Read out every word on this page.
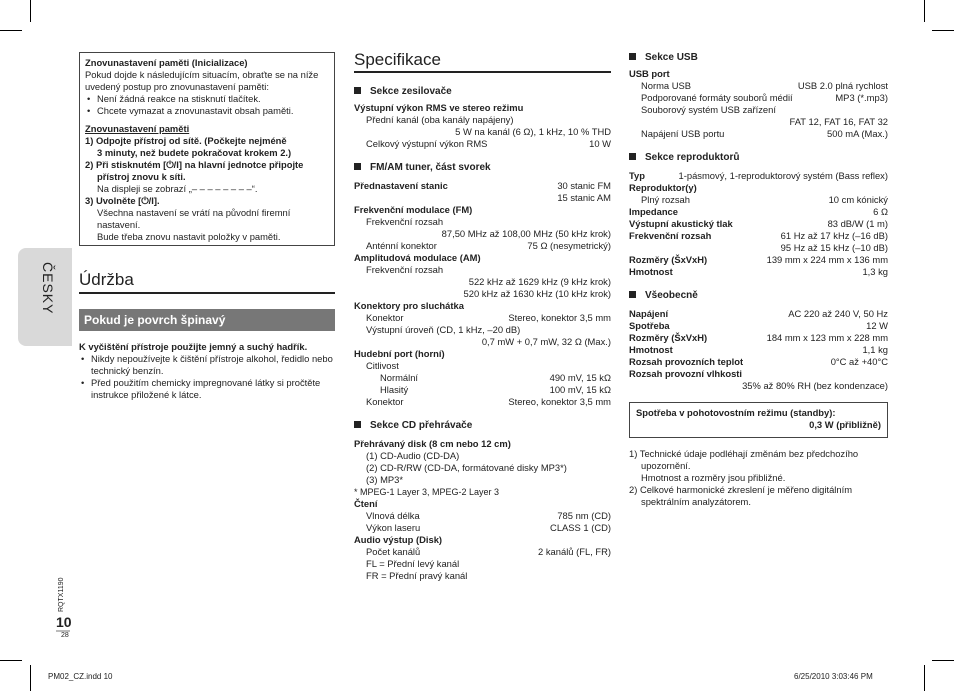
ČESKY
Znovunastavení paměti (Inicializace)
Pokud dojde k následujícím situacím, obraťte se na níže uvedený postup pro znovunastavení paměti:
• Není žádná reakce na stisknutí tlačítek.
• Chcete vymazat a znovunastavit obsah paměti.
Znovunastavení paměti
1) Odpojte přístroj od sítě. (Počkejte nejméně
3 minuty, než budete pokračovat krokem 2.)
2) Při stisknutém [⏻/I] na hlavní jednotce připojte
přístroj znovu k síti.
Na displeji se zobrazí „– – – – – – – –“.
3) Uvolněte [⏻/I].
Všechna nastavení se vrátí na původní firemní nastavení.
Bude třeba znovu nastavit položky v paměti.
Údržba
Pokud je povrch špinavý
K vyčištění přístroje použijte jemný a suchý hadřík.
• Nikdy nepoužívejte k čištění přístroje alkohol, ředidlo nebo technický benzín.
• Před použitím chemicky impregnované látky si pročtěte instrukce přiložené k látce.
Specifikace
Sekce zesilovače
Výstupní výkon RMS ve stereo režimu
Přední kanál (oba kanály napájeny)
5 W na kanál (6 Ω), 1 kHz, 10 % THD
Celkový výstupní výkon RMS	10 W
FM/AM tuner, část svorek
Přednastavení stanic	30 stanic FM
15 stanic AM
Frekvenční modulace (FM)
Frekvenční rozsah
87,50 MHz až 108,00 MHz (50 kHz krok)
Anténní konektor	75 Ω (nesymetrický)
Amplitudová modulace (AM)
Frekvenční rozsah
522 kHz až 1629 kHz (9 kHz krok)
520 kHz až 1630 kHz (10 kHz krok)
Konektory pro sluchátka
Konektor	Stereo, konektor 3,5 mm
Výstupní úroveň (CD, 1 kHz, –20 dB)
0,7 mW + 0,7 mW, 32 Ω (Max.)
Hudební port (horní)
Citlivost
Normální	490 mV, 15 kΩ
Hlasitý	100 mV, 15 kΩ
Konektor	Stereo, konektor 3,5 mm
Sekce CD přehrávače
Přehrávaný disk (8 cm nebo 12 cm)
(1) CD-Audio (CD-DA)
(2) CD-R/RW (CD-DA, formátované disky MP3*)
(3) MP3*
* MPEG-1 Layer 3, MPEG-2 Layer 3
Čtení
Vlnová délka	785 nm (CD)
Výkon laseru	CLASS 1 (CD)
Audio výstup (Disk)
Počet kanálů	2 kanálů (FL, FR)
FL = Přední levý kanál
FR = Přední pravý kanál
Sekce USB
USB port
Norma USB	USB 2.0 plná rychlost
Podporované formáty souborů médií	MP3 (*.mp3)
Souborový systém USB zařízení
FAT 12, FAT 16, FAT 32
Napájení USB portu	500 mA (Max.)
Sekce reproduktorů
Typ	1-pásmový, 1-reproduktorový systém (Bass reflex)
Reproduktor(y)
Plný rozsah	10 cm kónický
Impedance	6 Ω
Výstupní akustický tlak	83 dB/W (1 m)
Frekvenční rozsah	61 Hz až 17 kHz (–16 dB)
95 Hz až 15 kHz (–10 dB)
Rozměry (ŠxVxH)	139 mm x 224 mm x 136 mm
Hmotnost	1,3 kg
Všeobecně
Napájení	AC 220 až 240 V, 50 Hz
Spotřeba	12 W
Rozměry (ŠxVxH)	184 mm x 123 mm x 228 mm
Hmotnost	1,1 kg
Rozsah provozních teplot	0°C až +40°C
Rozsah provozní vlhkosti
35% až 80% RH (bez kondenzace)
Spotřeba v pohotovostním režimu (standby):
0,3 W (přibližně)
1) Technické údaje podléhají změnám bez předchozího
upozornění.
Hmotnost a rozměry jsou přibližné.
2) Celkové harmonické zkreslení je měřeno digitálním
spektrálním analyzátorem.
RQTX1190
10
28
PM02_CZ.indd 10	6/25/2010 3:03:46 PM
